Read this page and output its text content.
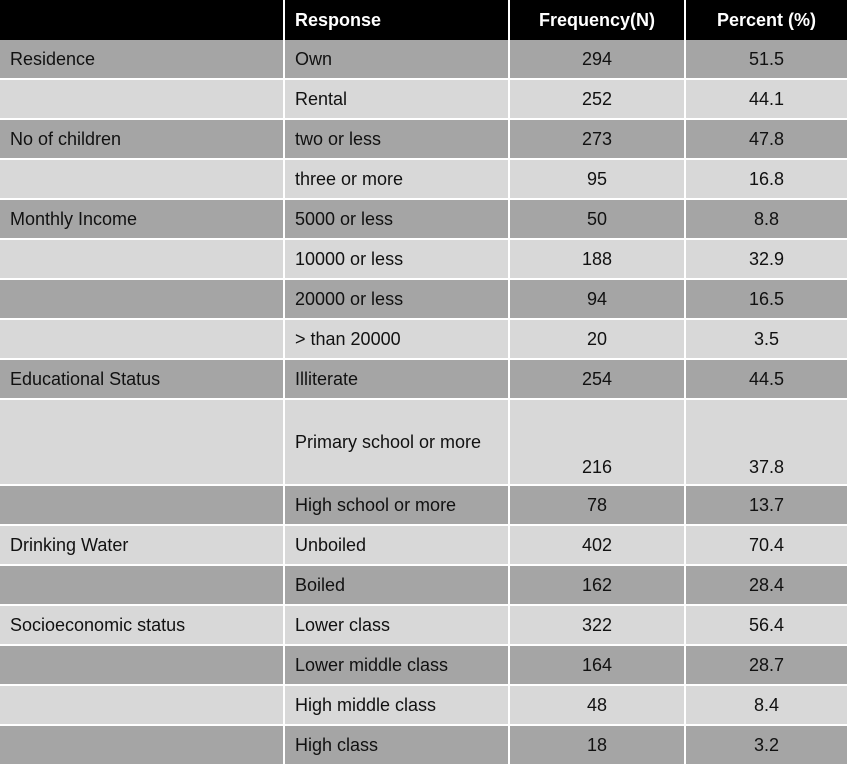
	Response	Frequency(N)	Percent (%)
Residence	Own	294	51.5
	Rental	252	44.1
No of children	two or less	273	47.8
	three or more	95	16.8
Monthly Income	5000 or less	50	8.8
	10000 or less	188	32.9
	20000 or less	94	16.5
	> than 20000	20	3.5
Educational Status	Illiterate	254	44.5
	Primary school or more	216	37.8
	High school or more	78	13.7
Drinking Water	Unboiled	402	70.4
	Boiled	162	28.4
Socioeconomic status	Lower class	322	56.4
	Lower middle class	164	28.7
	High middle class	48	8.4
	High class	18	3.2
